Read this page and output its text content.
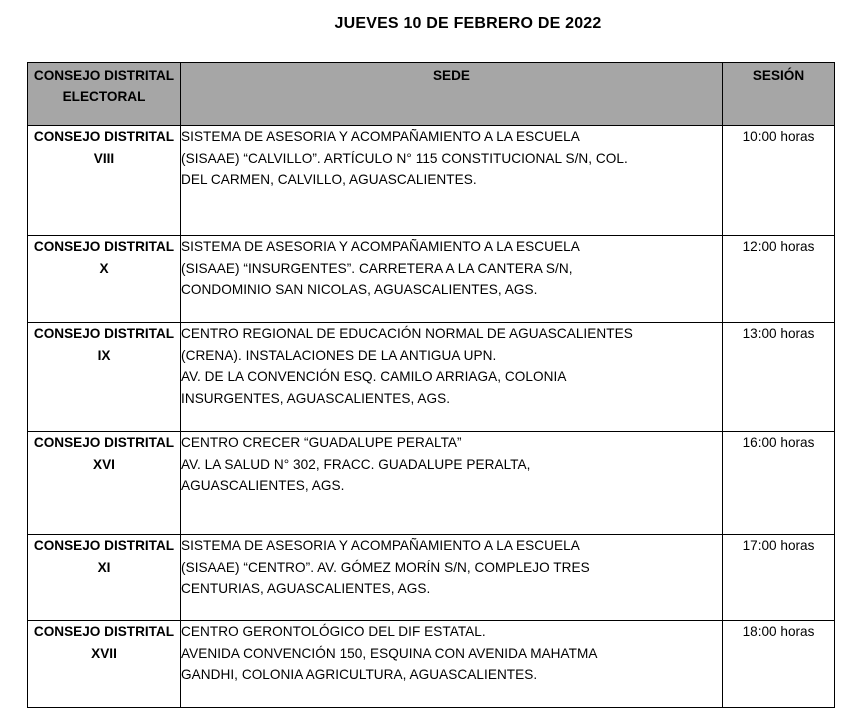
JUEVES 10 DE FEBRERO DE 2022
CONSEJO DISTRITAL ELECTORAL	SEDE	SESIÓN
CONSEJO DISTRITAL VIII	SISTEMA DE ASESORIA Y ACOMPAÑAMIENTO A LA ESCUELA
(SISAAE) “CALVILLO”. ARTÍCULO N° 115 CONSTITUCIONAL S/N, COL.
DEL CARMEN, CALVILLO, AGUASCALIENTES.	10:00 horas
CONSEJO DISTRITAL X	SISTEMA DE ASESORIA Y ACOMPAÑAMIENTO A LA ESCUELA
(SISAAE) “INSURGENTES”. CARRETERA A LA CANTERA S/N,
CONDOMINIO SAN NICOLAS, AGUASCALIENTES, AGS.	12:00 horas
CONSEJO DISTRITAL IX	CENTRO REGIONAL DE EDUCACIÓN NORMAL DE AGUASCALIENTES
(CRENA). INSTALACIONES DE LA ANTIGUA UPN.
AV. DE LA CONVENCIÓN ESQ. CAMILO ARRIAGA, COLONIA
INSURGENTES, AGUASCALIENTES, AGS.	13:00 horas
CONSEJO DISTRITAL XVI	CENTRO CRECER “GUADALUPE PERALTA”
AV. LA SALUD N° 302, FRACC. GUADALUPE PERALTA,
AGUASCALIENTES, AGS.	16:00 horas
CONSEJO DISTRITAL XI	SISTEMA DE ASESORIA Y ACOMPAÑAMIENTO A LA ESCUELA
(SISAAE) “CENTRO”. AV. GÓMEZ MORÍN S/N, COMPLEJO TRES
CENTURIAS, AGUASCALIENTES, AGS.	17:00 horas
CONSEJO DISTRITAL XVII	CENTRO GERONTOLÓGICO DEL DIF ESTATAL.
AVENIDA CONVENCIÓN 150, ESQUINA CON AVENIDA MAHATMA
GANDHI, COLONIA AGRICULTURA, AGUASCALIENTES.	18:00 horas
